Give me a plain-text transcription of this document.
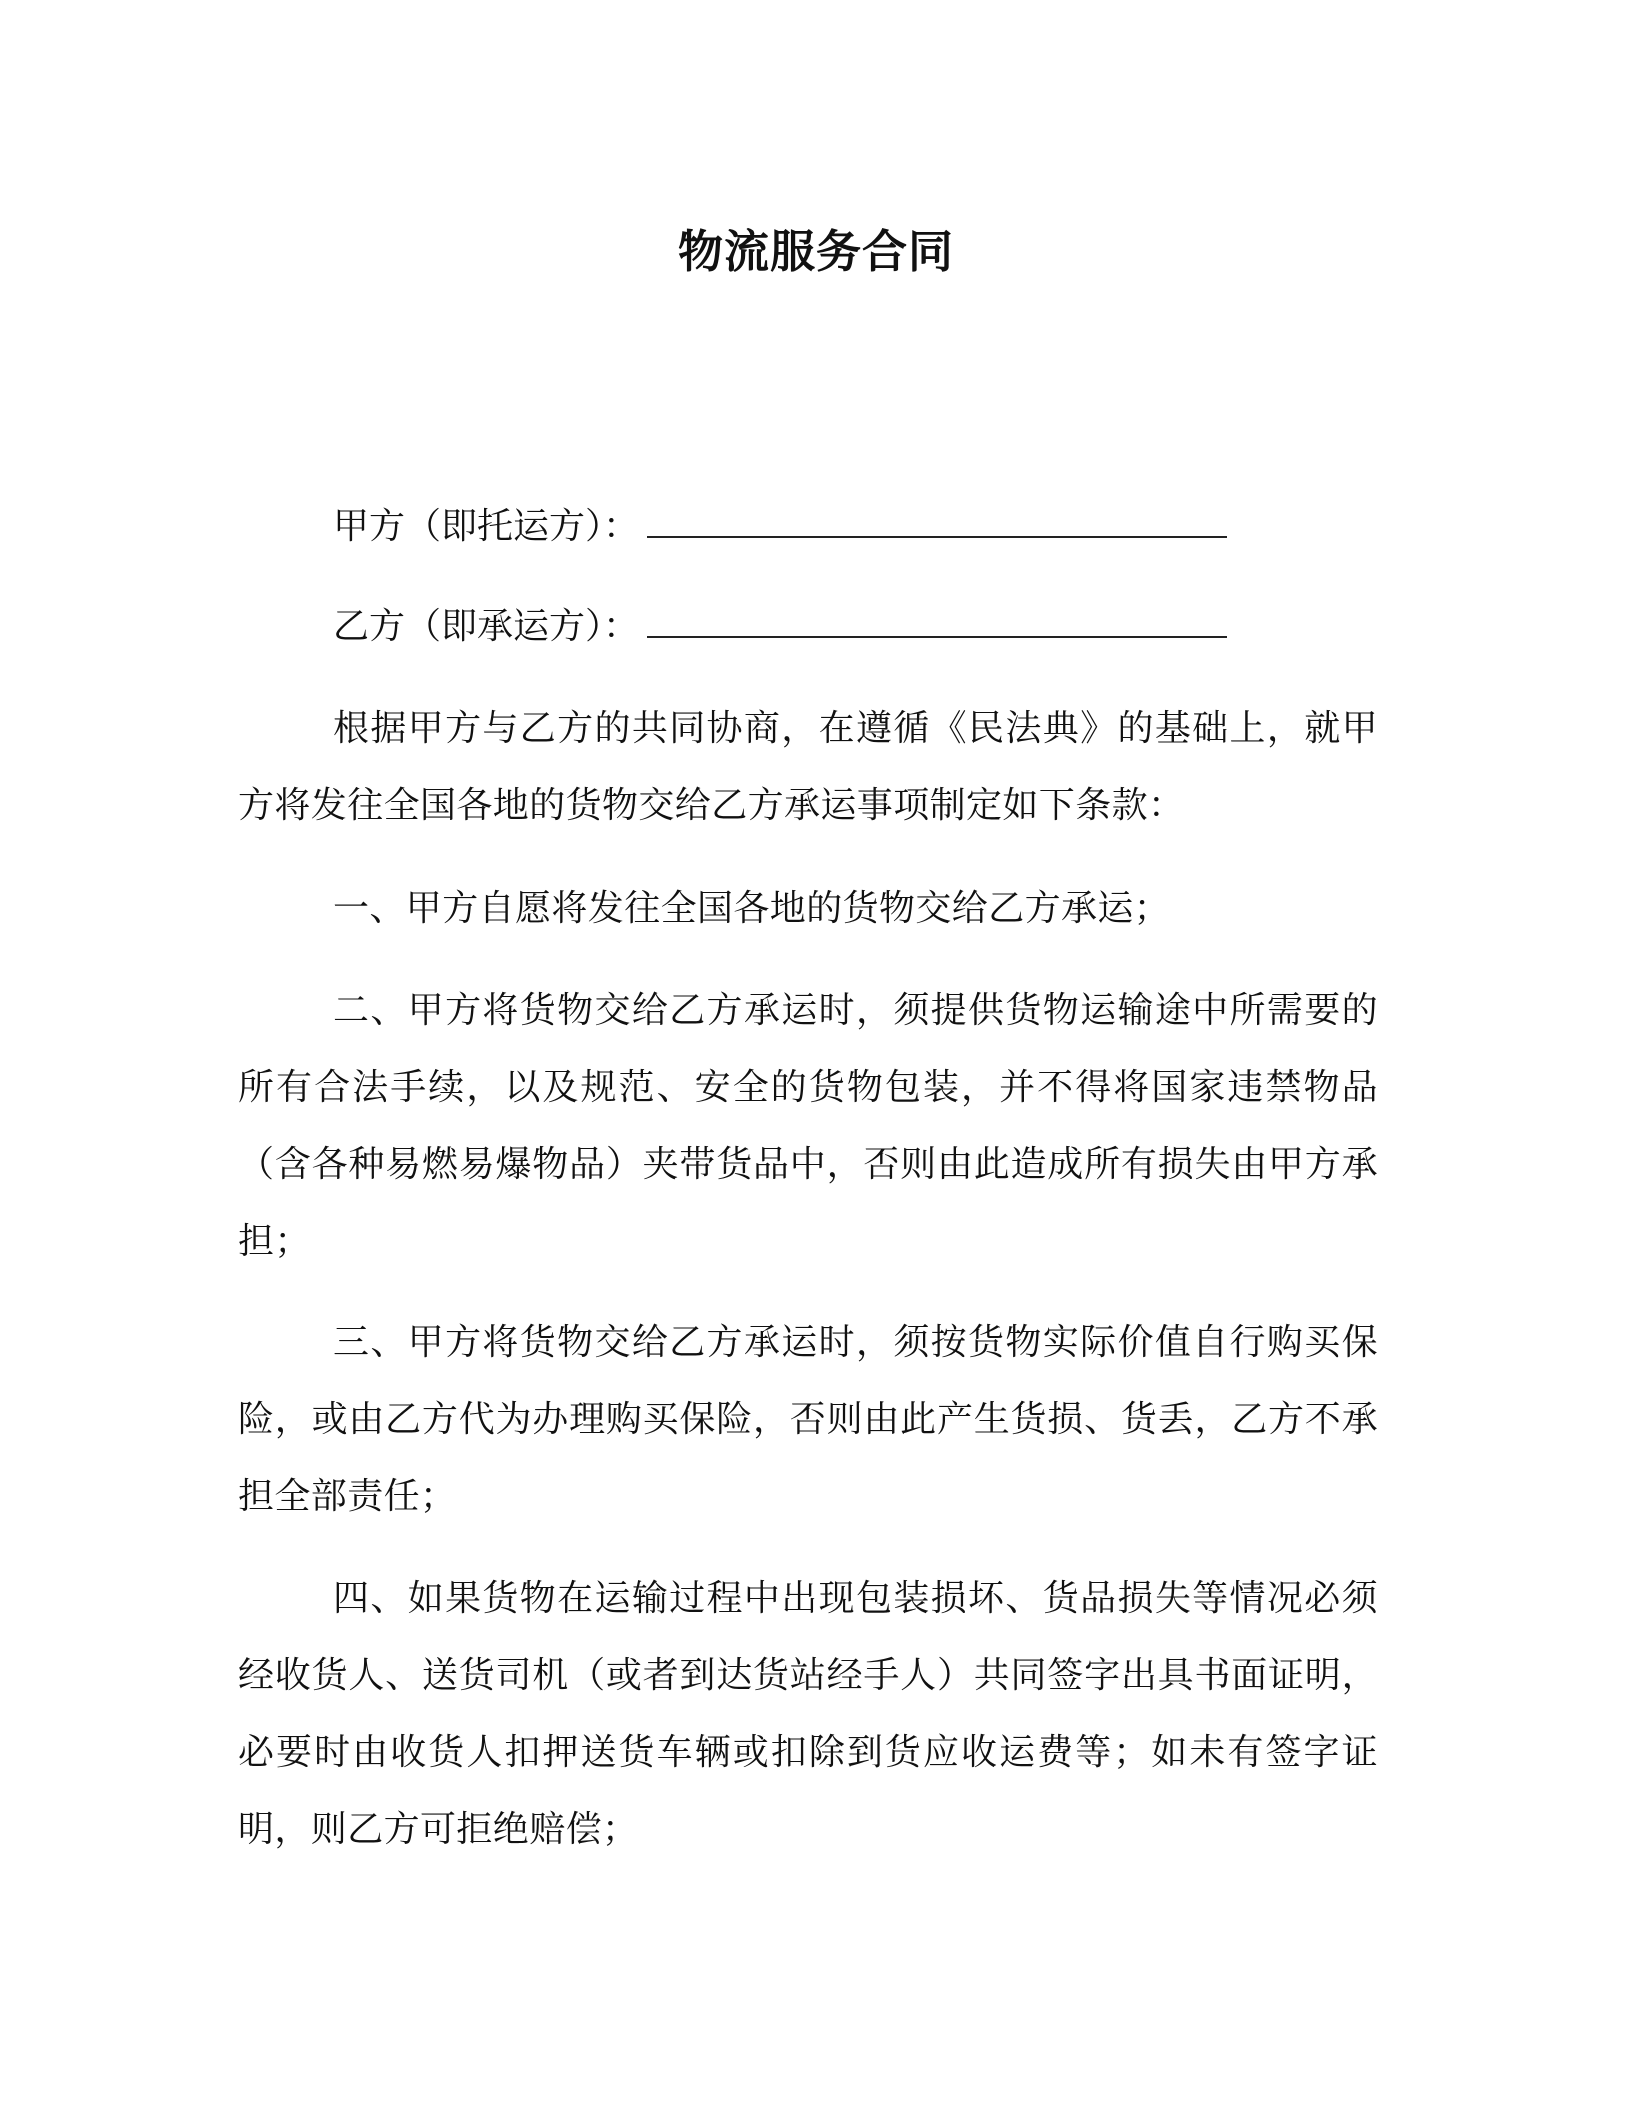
物流服务合同
甲方（即托运方）：
乙方（即承运方）：
根据甲方与乙方的共同协商，在遵循《民法典》的基础上，就甲方将发往全国各地的货物交给乙方承运事项制定如下条款：
一、甲方自愿将发往全国各地的货物交给乙方承运；
二、甲方将货物交给乙方承运时，须提供货物运输途中所需要的所有合法手续，以及规范、安全的货物包装，并不得将国家违禁物品（含各种易燃易爆物品）夹带货品中，否则由此造成所有损失由甲方承担；
三、甲方将货物交给乙方承运时，须按货物实际价值自行购买保险，或由乙方代为办理购买保险，否则由此产生货损、货丢，乙方不承担全部责任；
四、如果货物在运输过程中出现包装损坏、货品损失等情况必须经收货人、送货司机（或者到达货站经手人）共同签字出具书面证明，必要时由收货人扣押送货车辆或扣除到货应收运费等；如未有签字证明，则乙方可拒绝赔偿；
